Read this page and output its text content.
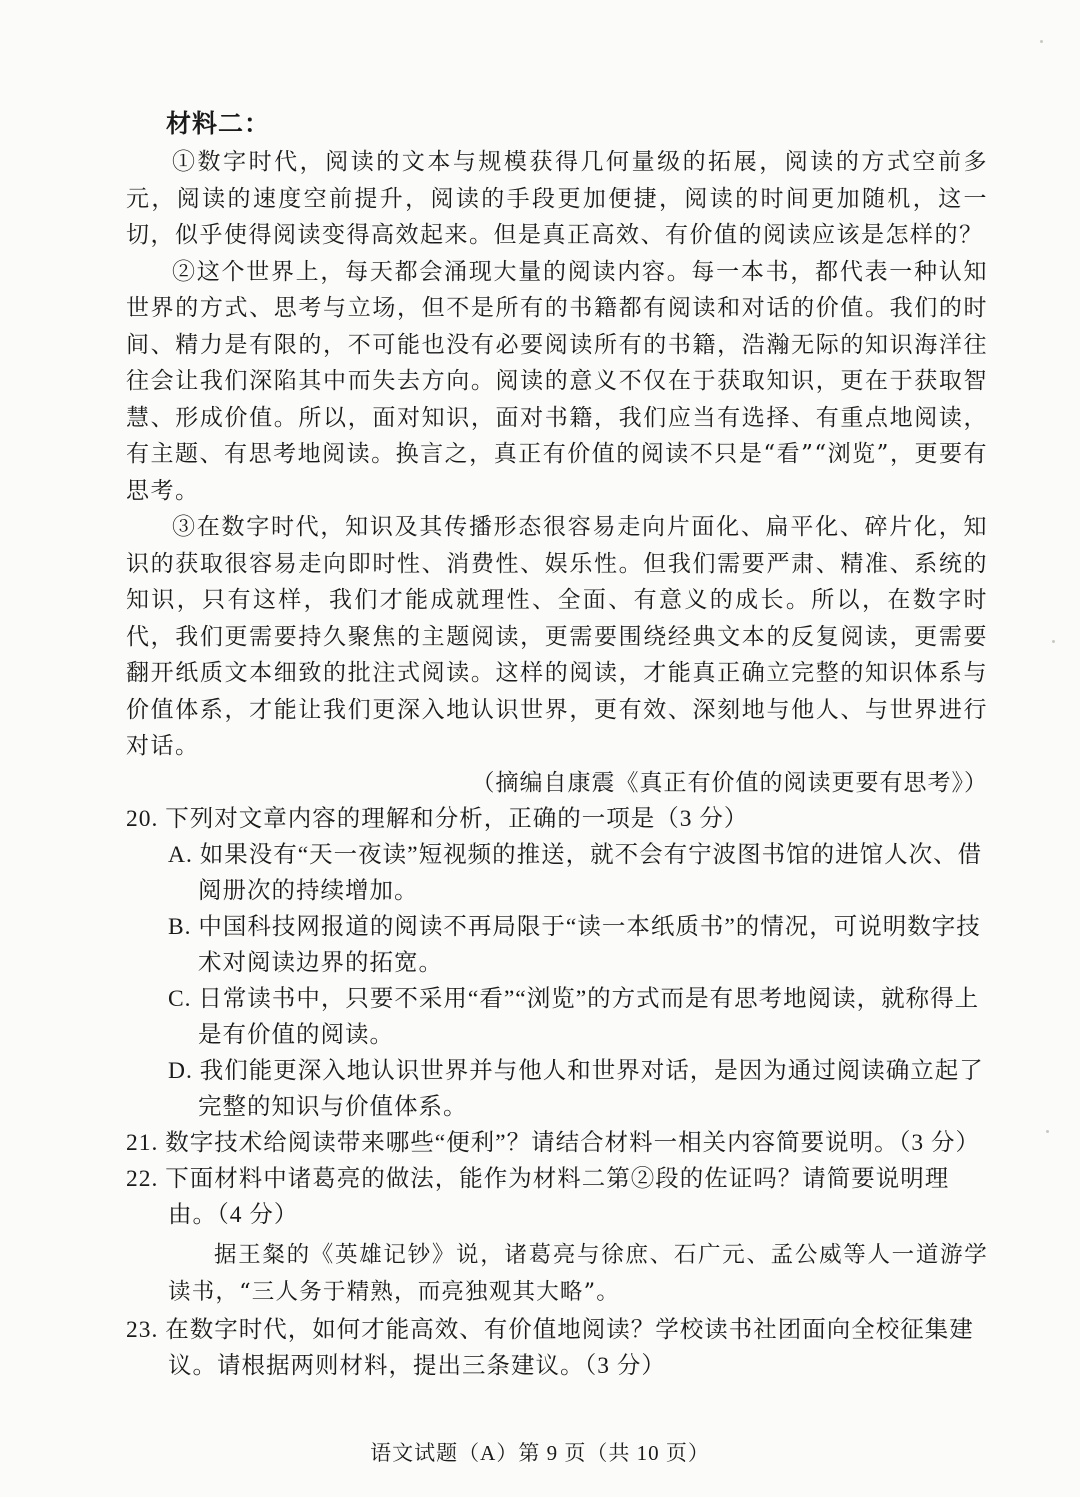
材料二：

①数字时代，阅读的文本与规模获得几何量级的拓展，阅读的方式空前多元，阅读的速度空前提升，阅读的手段更加便捷，阅读的时间更加随机，这一切，似乎使得阅读变得高效起来。但是真正高效、有价值的阅读应该是怎样的？

②这个世界上，每天都会涌现大量的阅读内容。每一本书，都代表一种认知世界的方式、思考与立场，但不是所有的书籍都有阅读和对话的价值。我们的时间、精力是有限的，不可能也没有必要阅读所有的书籍，浩瀚无际的知识海洋往往会让我们深陷其中而失去方向。阅读的意义不仅在于获取知识，更在于获取智慧、形成价值。所以，面对知识，面对书籍，我们应当有选择、有重点地阅读，有主题、有思考地阅读。换言之，真正有价值的阅读不只是“看”“浏览”，更要有思考。

③在数字时代，知识及其传播形态很容易走向片面化、扁平化、碎片化，知识的获取很容易走向即时性、消费性、娱乐性。但我们需要严肃、精准、系统的知识，只有这样，我们才能成就理性、全面、有意义的成长。所以，在数字时代，我们更需要持久聚焦的主题阅读，更需要围绕经典文本的反复阅读，更需要翻开纸质文本细致的批注式阅读。这样的阅读，才能真正确立完整的知识体系与价值体系，才能让我们更深入地认识世界，更有效、深刻地与他人、与世界进行对话。

（摘编自康震《真正有价值的阅读更要有思考》）

20. 下列对文章内容的理解和分析，正确的一项是（3 分）

A. 如果没有“天一夜读”短视频的推送，就不会有宁波图书馆的进馆人次、借阅册次的持续增加。

B. 中国科技网报道的阅读不再局限于“读一本纸质书”的情况，可说明数字技术对阅读边界的拓宽。

C. 日常读书中，只要不采用“看”“浏览”的方式而是有思考地阅读，就称得上是有价值的阅读。

D. 我们能更深入地认识世界并与他人和世界对话，是因为通过阅读确立起了完整的知识与价值体系。

21. 数字技术给阅读带来哪些“便利”？请结合材料一相关内容简要说明。（3 分）

22. 下面材料中诸葛亮的做法，能作为材料二第②段的佐证吗？请简要说明理由。（4 分）

据王粲的《英雄记钞》说，诸葛亮与徐庶、石广元、孟公威等人一道游学读书，“三人务于精熟，而亮独观其大略”。

23. 在数字时代，如何才能高效、有价值地阅读？学校读书社团面向全校征集建议。请根据两则材料，提出三条建议。（3 分）

语文试题（A）第 9 页（共 10 页）
